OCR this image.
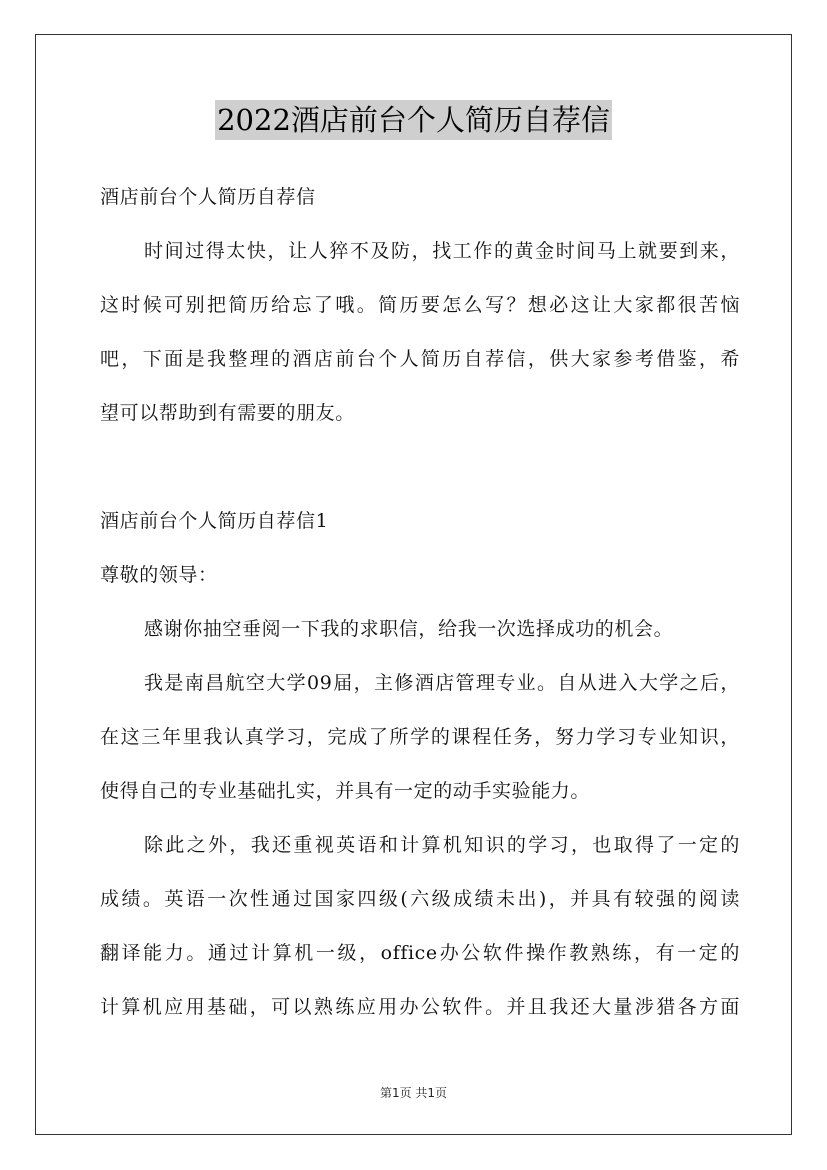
2022酒店前台个人简历自荐信
酒店前台个人简历自荐信
时间过得太快，让人猝不及防，找工作的黄金时间马上就要到来，
这时候可别把简历给忘了哦。简历要怎么写？想必这让大家都很苦恼
吧，下面是我整理的酒店前台个人简历自荐信，供大家参考借鉴，希
望可以帮助到有需要的朋友。
酒店前台个人简历自荐信1
尊敬的领导：
感谢你抽空垂阅一下我的求职信，给我一次选择成功的机会。
我是南昌航空大学09届，主修酒店管理专业。自从进入大学之后，
在这三年里我认真学习，完成了所学的课程任务，努力学习专业知识，
使得自己的专业基础扎实，并具有一定的动手实验能力。
除此之外，我还重视英语和计算机知识的学习，也取得了一定的
成绩。英语一次性通过国家四级(六级成绩未出)，并具有较强的阅读
翻译能力。通过计算机一级，office办公软件操作教熟练，有一定的
计算机应用基础，可以熟练应用办公软件。并且我还大量涉猎各方面
第1页 共1页
